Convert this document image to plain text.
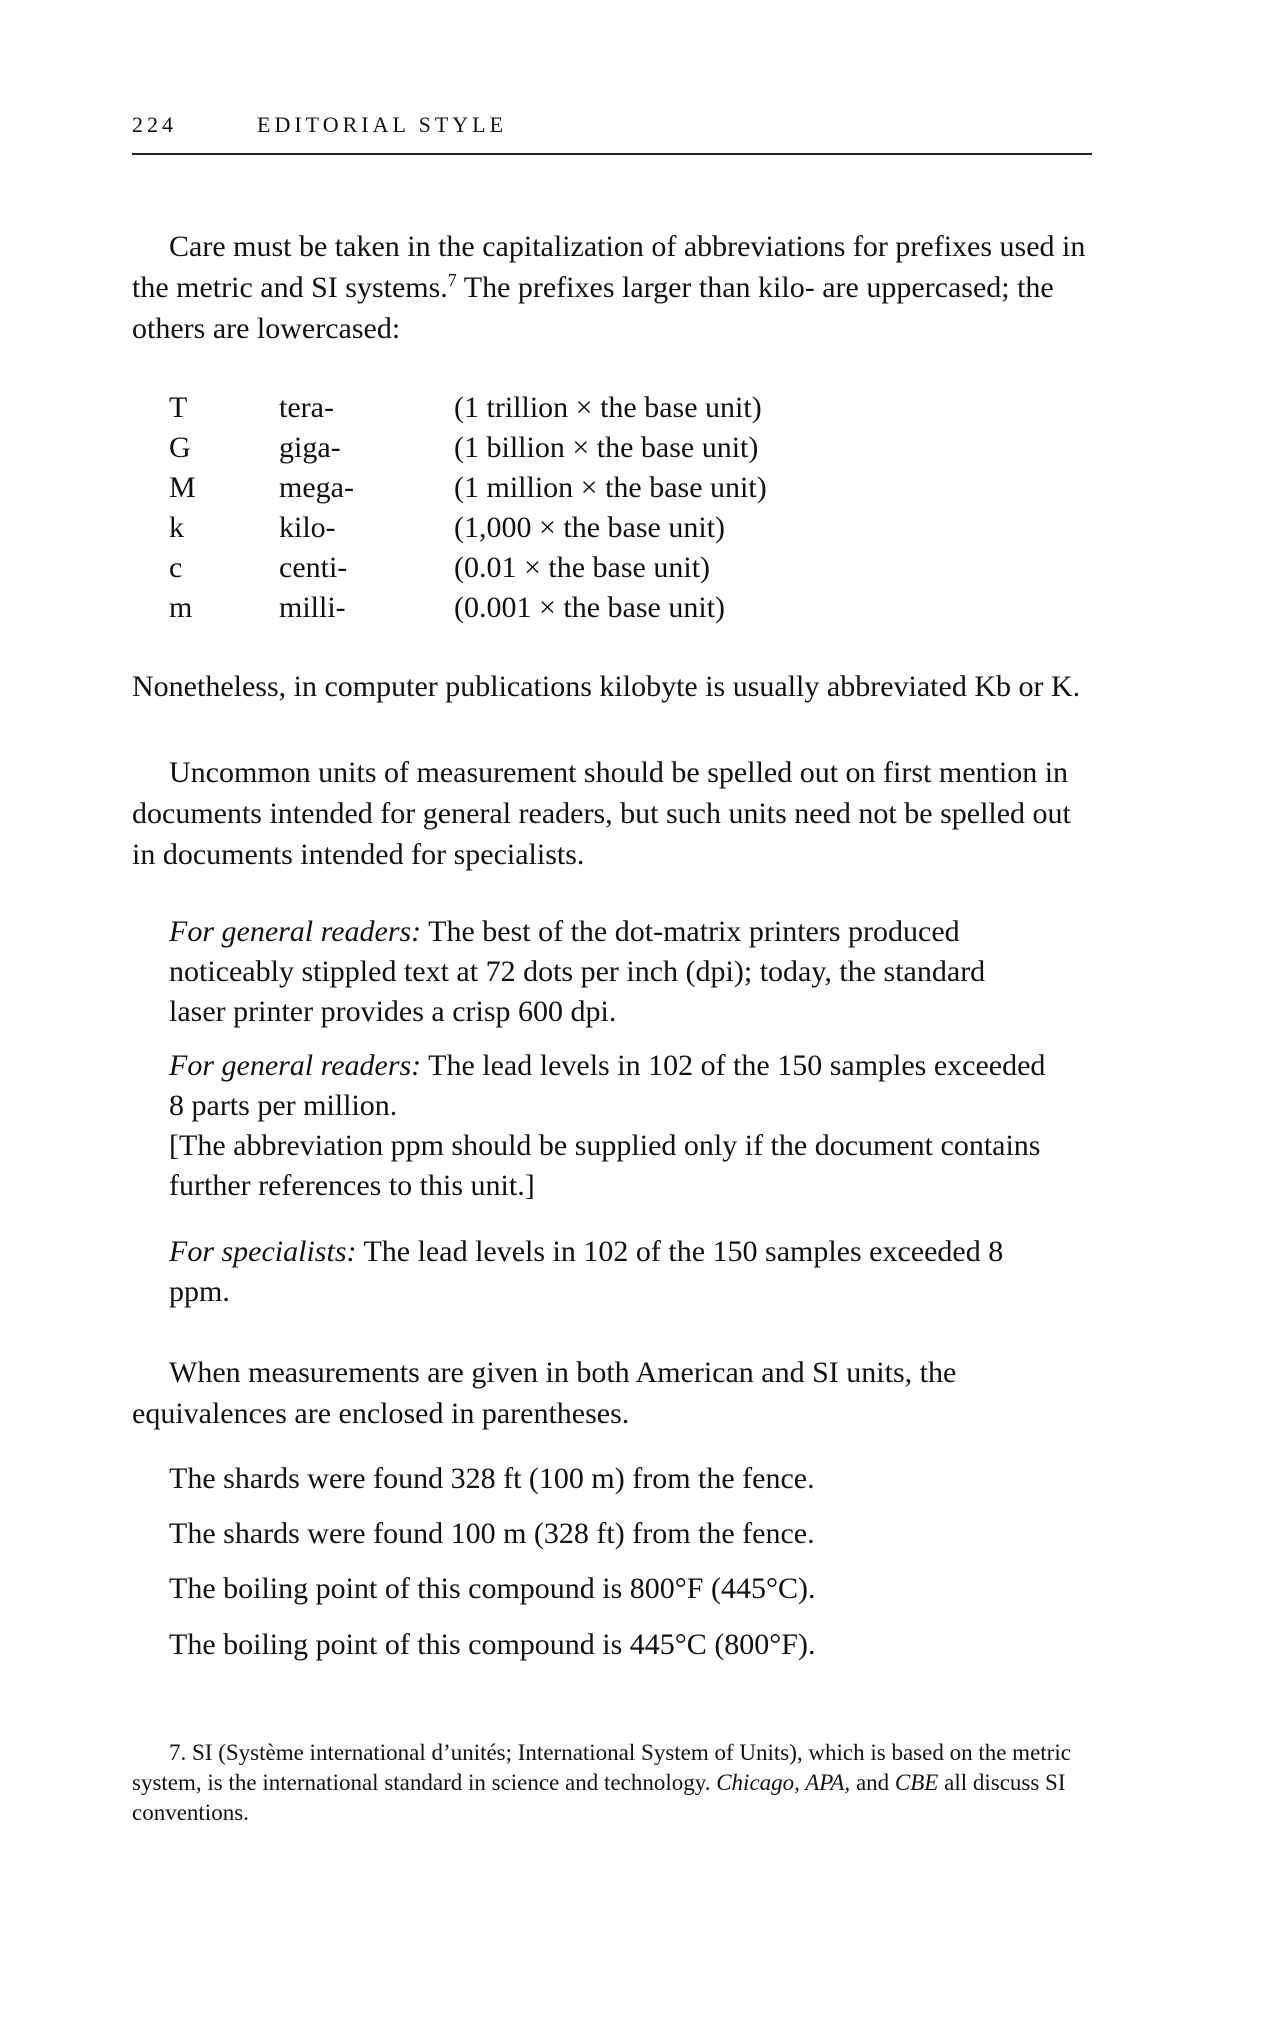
224	EDITORIAL STYLE

Care must be taken in the capitalization of abbreviations for prefixes used in the metric and SI systems.$^7$ The prefixes larger than kilo- are uppercased; the others are lowercased:

T	tera-	(1 trillion × the base unit)
G	giga-	(1 billion × the base unit)
M	mega-	(1 million × the base unit)
k	kilo-	(1,000 × the base unit)
c	centi-	(0.01 × the base unit)
m	milli-	(0.001 × the base unit)

Nonetheless, in computer publications kilobyte is usually abbreviated Kb or K.

Uncommon units of measurement should be spelled out on first mention in documents intended for general readers, but such units need not be spelled out in documents intended for specialists.

For general readers: The best of the dot-matrix printers produced noticeably stippled text at 72 dots per inch (dpi); today, the standard laser printer provides a crisp 600 dpi.

For general readers: The lead levels in 102 of the 150 samples exceeded 8 parts per million.
[The abbreviation ppm should be supplied only if the document contains further references to this unit.]

For specialists: The lead levels in 102 of the 150 samples exceeded 8 ppm.

When measurements are given in both American and SI units, the equivalences are enclosed in parentheses.

The shards were found 328 ft (100 m) from the fence.
The shards were found 100 m (328 ft) from the fence.
The boiling point of this compound is 800°F (445°C).
The boiling point of this compound is 445°C (800°F).
7. SI (Système international d’unités; International System of Units), which is based on the metric system, is the international standard in science and technology. Chicago, APA, and CBE all discuss SI conventions.
